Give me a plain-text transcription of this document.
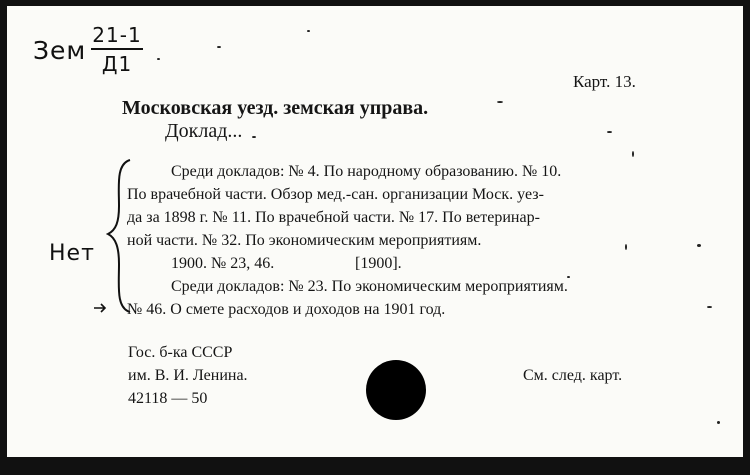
Зем
21-1
Д1
Нет
Карт. 13.
Московская уезд. земская управа.
Доклад...
Среди докладов: № 4. По народному образованию. № 10.
По врачебной части. Обзор мед.-сан. организации Моск. уез-
да за 1898 г. № 11. По врачебной части. № 17. По ветеринар-
ной части. № 32. По экономическим мероприятиям.
1900. № 23, 46.	[1900].
Среди докладов: № 23. По экономическим мероприятиям.
№ 46. О смете расходов и доходов на 1901 год.
Гос. б-ка СССР
им. В. И. Ленина.
42118 — 50
См. след. карт.
